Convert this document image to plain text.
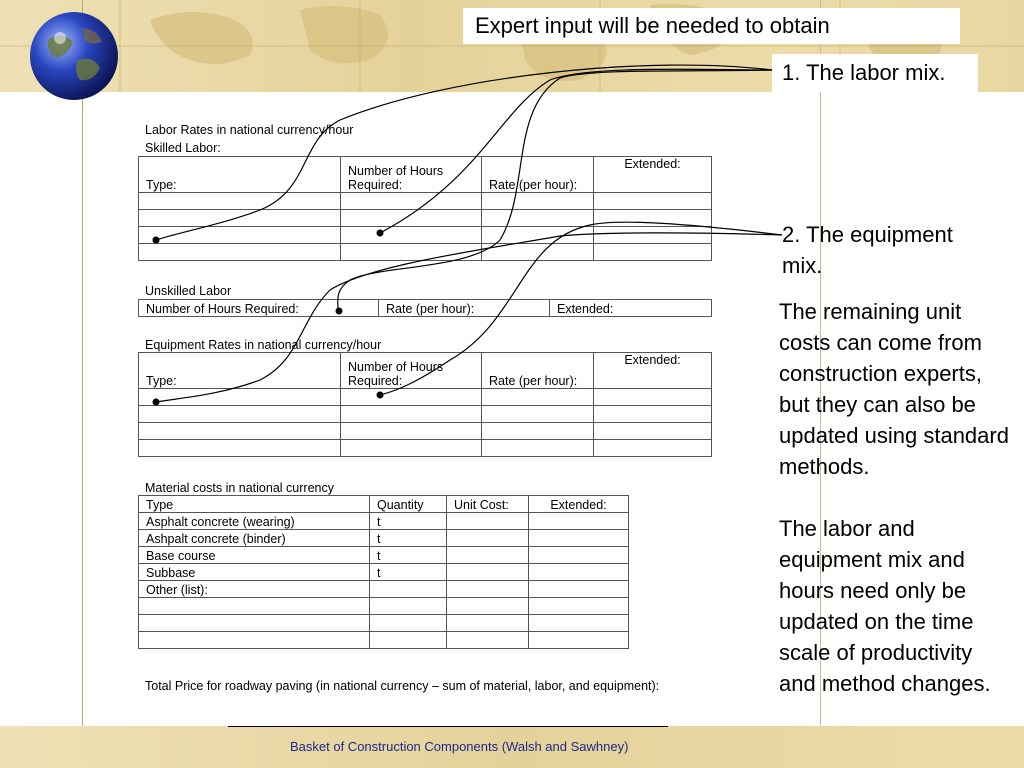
Basket of Construction Components (Walsh and Sawhney)
Expert input will be needed to obtain
1. The labor mix.
2. The equipment mix.

The remaining unit costs can come from construction experts, but they can also be updated using standard methods.

The labor and equipment mix and hours need only be updated on the time scale of productivity and method changes.

Labor Rates in national currency/hour
Skilled Labor:
Type:	Number of Hours Required:	Rate (per hour):	Extended:

Unskilled Labor
Number of Hours Required:	Rate (per hour):	Extended:
Equipment Rates in national currency/hour
Type:	Number of Hours Required:	Rate (per hour):	Extended:

Material costs in national currency
Type	Quantity	Unit Cost:	Extended:
Asphalt concrete (wearing)	t		
Ashpalt concrete (binder)	t		
Base course	t		
Subbase	t		
Other (list):			

Total Price for roadway paving (in national currency – sum of material, labor, and equipment):
